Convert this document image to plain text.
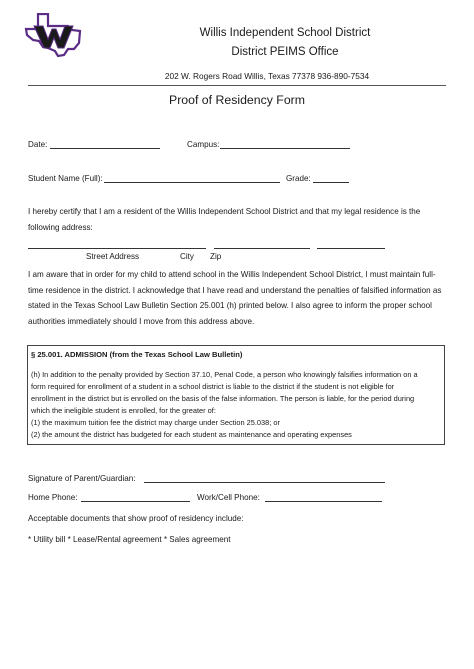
Willis Independent School District
District PEIMS Office
202 W. Rogers Road Willis, Texas 77378 936-890-7534
Proof of Residency Form
Date:	Campus:
Student Name (Full):	Grade:
I hereby certify that I am a resident of the Willis Independent School District and that my legal residence is the following address:
Street Address	City Zip
I am aware that in order for my child to attend school in the Willis Independent School District, I must maintain full-time residence in the district. I acknowledge that I have read and understand the penalties of falsified information as stated in the Texas School Law Bulletin Section 25.001 (h) printed below. I also agree to inform the proper school authorities immediately should I move from this address above.
§ 25.001. ADMISSION (from the Texas School Law Bulletin)
(h) In addition to the penalty provided by Section 37.10, Penal Code, a person who knowingly falsifies information on a
form required for enrollment of a student in a school district is liable to the district if the student is not eligible for
enrollment in the district but is enrolled on the basis of the false information. The person is liable, for the period during
which the ineligible student is enrolled, for the greater of:
(1) the maximum tuition fee the district may charge under Section 25.038; or
(2) the amount the district has budgeted for each student as maintenance and operating expenses
Signature of Parent/Guardian:
Home Phone:	Work/Cell Phone:
Acceptable documents that show proof of residency include:
* Utility bill * Lease/Rental agreement * Sales agreement
